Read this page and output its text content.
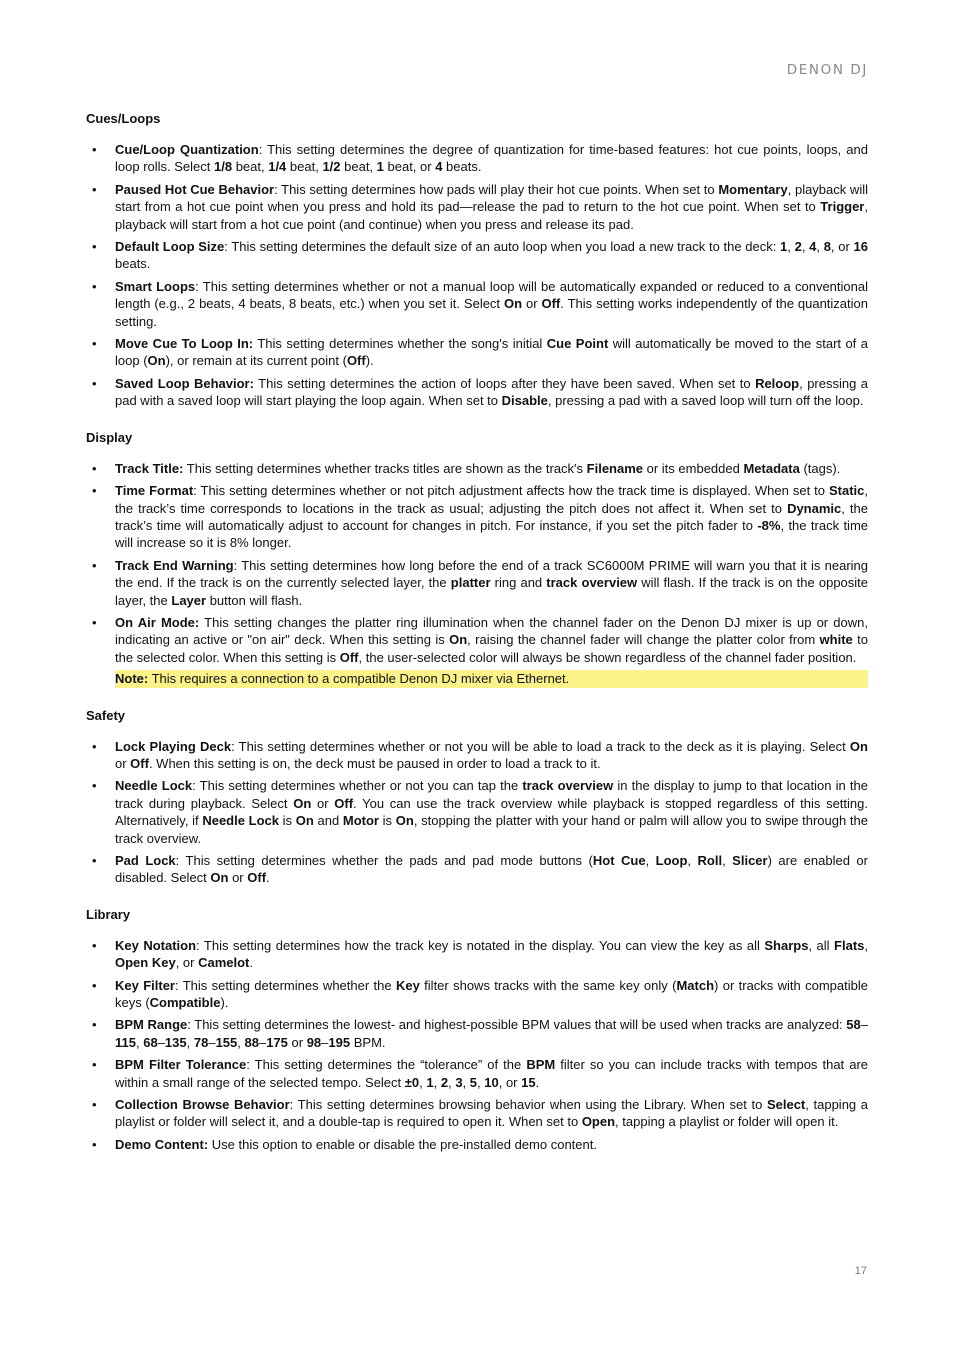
DENON DJ
Cues/Loops
• Cue/Loop Quantization: This setting determines the degree of quantization for time-based features: hot cue points, loops, and loop rolls. Select 1/8 beat, 1/4 beat, 1/2 beat, 1 beat, or 4 beats.
• Paused Hot Cue Behavior: This setting determines how pads will play their hot cue points. When set to Momentary, playback will start from a hot cue point when you press and hold its pad—release the pad to return to the hot cue point. When set to Trigger, playback will start from a hot cue point (and continue) when you press and release its pad.
• Default Loop Size: This setting determines the default size of an auto loop when you load a new track to the deck: 1, 2, 4, 8, or 16 beats.
• Smart Loops: This setting determines whether or not a manual loop will be automatically expanded or reduced to a conventional length (e.g., 2 beats, 4 beats, 8 beats, etc.) when you set it. Select On or Off. This setting works independently of the quantization setting.
• Move Cue To Loop In: This setting determines whether the song's initial Cue Point will automatically be moved to the start of a loop (On), or remain at its current point (Off).
• Saved Loop Behavior: This setting determines the action of loops after they have been saved. When set to Reloop, pressing a pad with a saved loop will start playing the loop again. When set to Disable, pressing a pad with a saved loop will turn off the loop.
Display
• Track Title: This setting determines whether tracks titles are shown as the track's Filename or its embedded Metadata (tags).
• Time Format: This setting determines whether or not pitch adjustment affects how the track time is displayed. When set to Static, the track’s time corresponds to locations in the track as usual; adjusting the pitch does not affect it. When set to Dynamic, the track’s time will automatically adjust to account for changes in pitch. For instance, if you set the pitch fader to -8%, the track time will increase so it is 8% longer.
• Track End Warning: This setting determines how long before the end of a track SC6000M PRIME will warn you that it is nearing the end. If the track is on the currently selected layer, the platter ring and track overview will flash. If the track is on the opposite layer, the Layer button will flash.
• On Air Mode: This setting changes the platter ring illumination when the channel fader on the Denon DJ mixer is up or down, indicating an active or "on air" deck. When this setting is On, raising the channel fader will change the platter color from white to the selected color. When this setting is Off, the user-selected color will always be shown regardless of the channel fader position.
Note: This requires a connection to a compatible Denon DJ mixer via Ethernet.
Safety
• Lock Playing Deck: This setting determines whether or not you will be able to load a track to the deck as it is playing. Select On or Off. When this setting is on, the deck must be paused in order to load a track to it.
• Needle Lock: This setting determines whether or not you can tap the track overview in the display to jump to that location in the track during playback. Select On or Off. You can use the track overview while playback is stopped regardless of this setting. Alternatively, if Needle Lock is On and Motor is On, stopping the platter with your hand or palm will allow you to swipe through the track overview.
• Pad Lock: This setting determines whether the pads and pad mode buttons (Hot Cue, Loop, Roll, Slicer) are enabled or disabled. Select On or Off.
Library
• Key Notation: This setting determines how the track key is notated in the display. You can view the key as all Sharps, all Flats, Open Key, or Camelot.
• Key Filter: This setting determines whether the Key filter shows tracks with the same key only (Match) or tracks with compatible keys (Compatible).
• BPM Range: This setting determines the lowest- and highest-possible BPM values that will be used when tracks are analyzed: 58–115, 68–135, 78–155, 88–175 or 98–195 BPM.
• BPM Filter Tolerance: This setting determines the “tolerance” of the BPM filter so you can include tracks with tempos that are within a small range of the selected tempo. Select ±0, 1, 2, 3, 5, 10, or 15.
• Collection Browse Behavior: This setting determines browsing behavior when using the Library. When set to Select, tapping a playlist or folder will select it, and a double-tap is required to open it. When set to Open, tapping a playlist or folder will open it.
• Demo Content: Use this option to enable or disable the pre-installed demo content.
17
